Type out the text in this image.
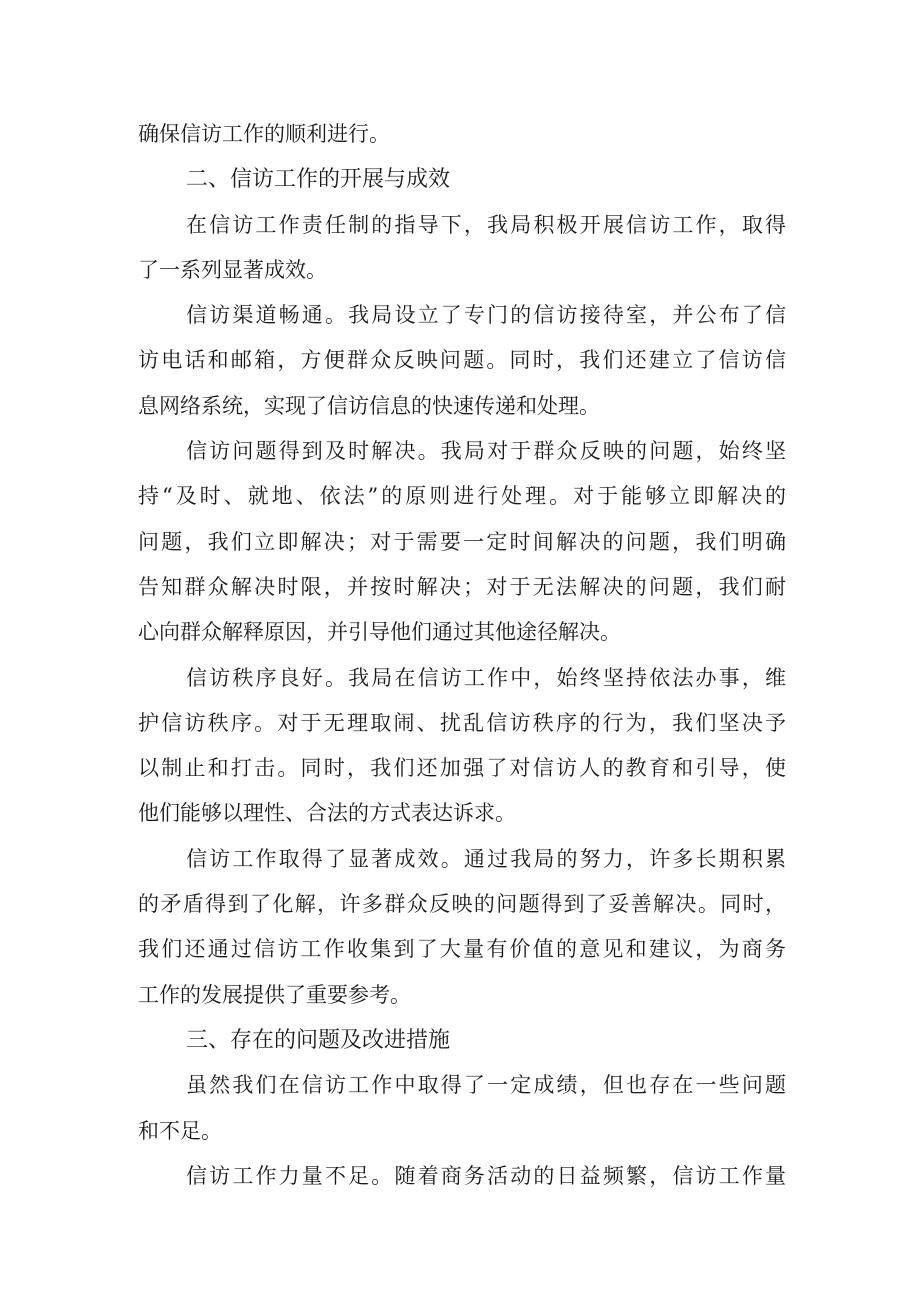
确保信访工作的顺利进行。
二、信访工作的开展与成效
在信访工作责任制的指导下，我局积极开展信访工作，取得
了一系列显著成效。
信访渠道畅通。我局设立了专门的信访接待室，并公布了信
访电话和邮箱，方便群众反映问题。同时，我们还建立了信访信
息网络系统，实现了信访信息的快速传递和处理。
信访问题得到及时解决。我局对于群众反映的问题，始终坚
持“及时、就地、依法”的原则进行处理。对于能够立即解决的
问题，我们立即解决；对于需要一定时间解决的问题，我们明确
告知群众解决时限，并按时解决；对于无法解决的问题，我们耐
心向群众解释原因，并引导他们通过其他途径解决。
信访秩序良好。我局在信访工作中，始终坚持依法办事，维
护信访秩序。对于无理取闹、扰乱信访秩序的行为，我们坚决予
以制止和打击。同时，我们还加强了对信访人的教育和引导，使
他们能够以理性、合法的方式表达诉求。
信访工作取得了显著成效。通过我局的努力，许多长期积累
的矛盾得到了化解，许多群众反映的问题得到了妥善解决。同时，
我们还通过信访工作收集到了大量有价值的意见和建议，为商务
工作的发展提供了重要参考。
三、存在的问题及改进措施
虽然我们在信访工作中取得了一定成绩，但也存在一些问题
和不足。
信访工作力量不足。随着商务活动的日益频繁，信访工作量
